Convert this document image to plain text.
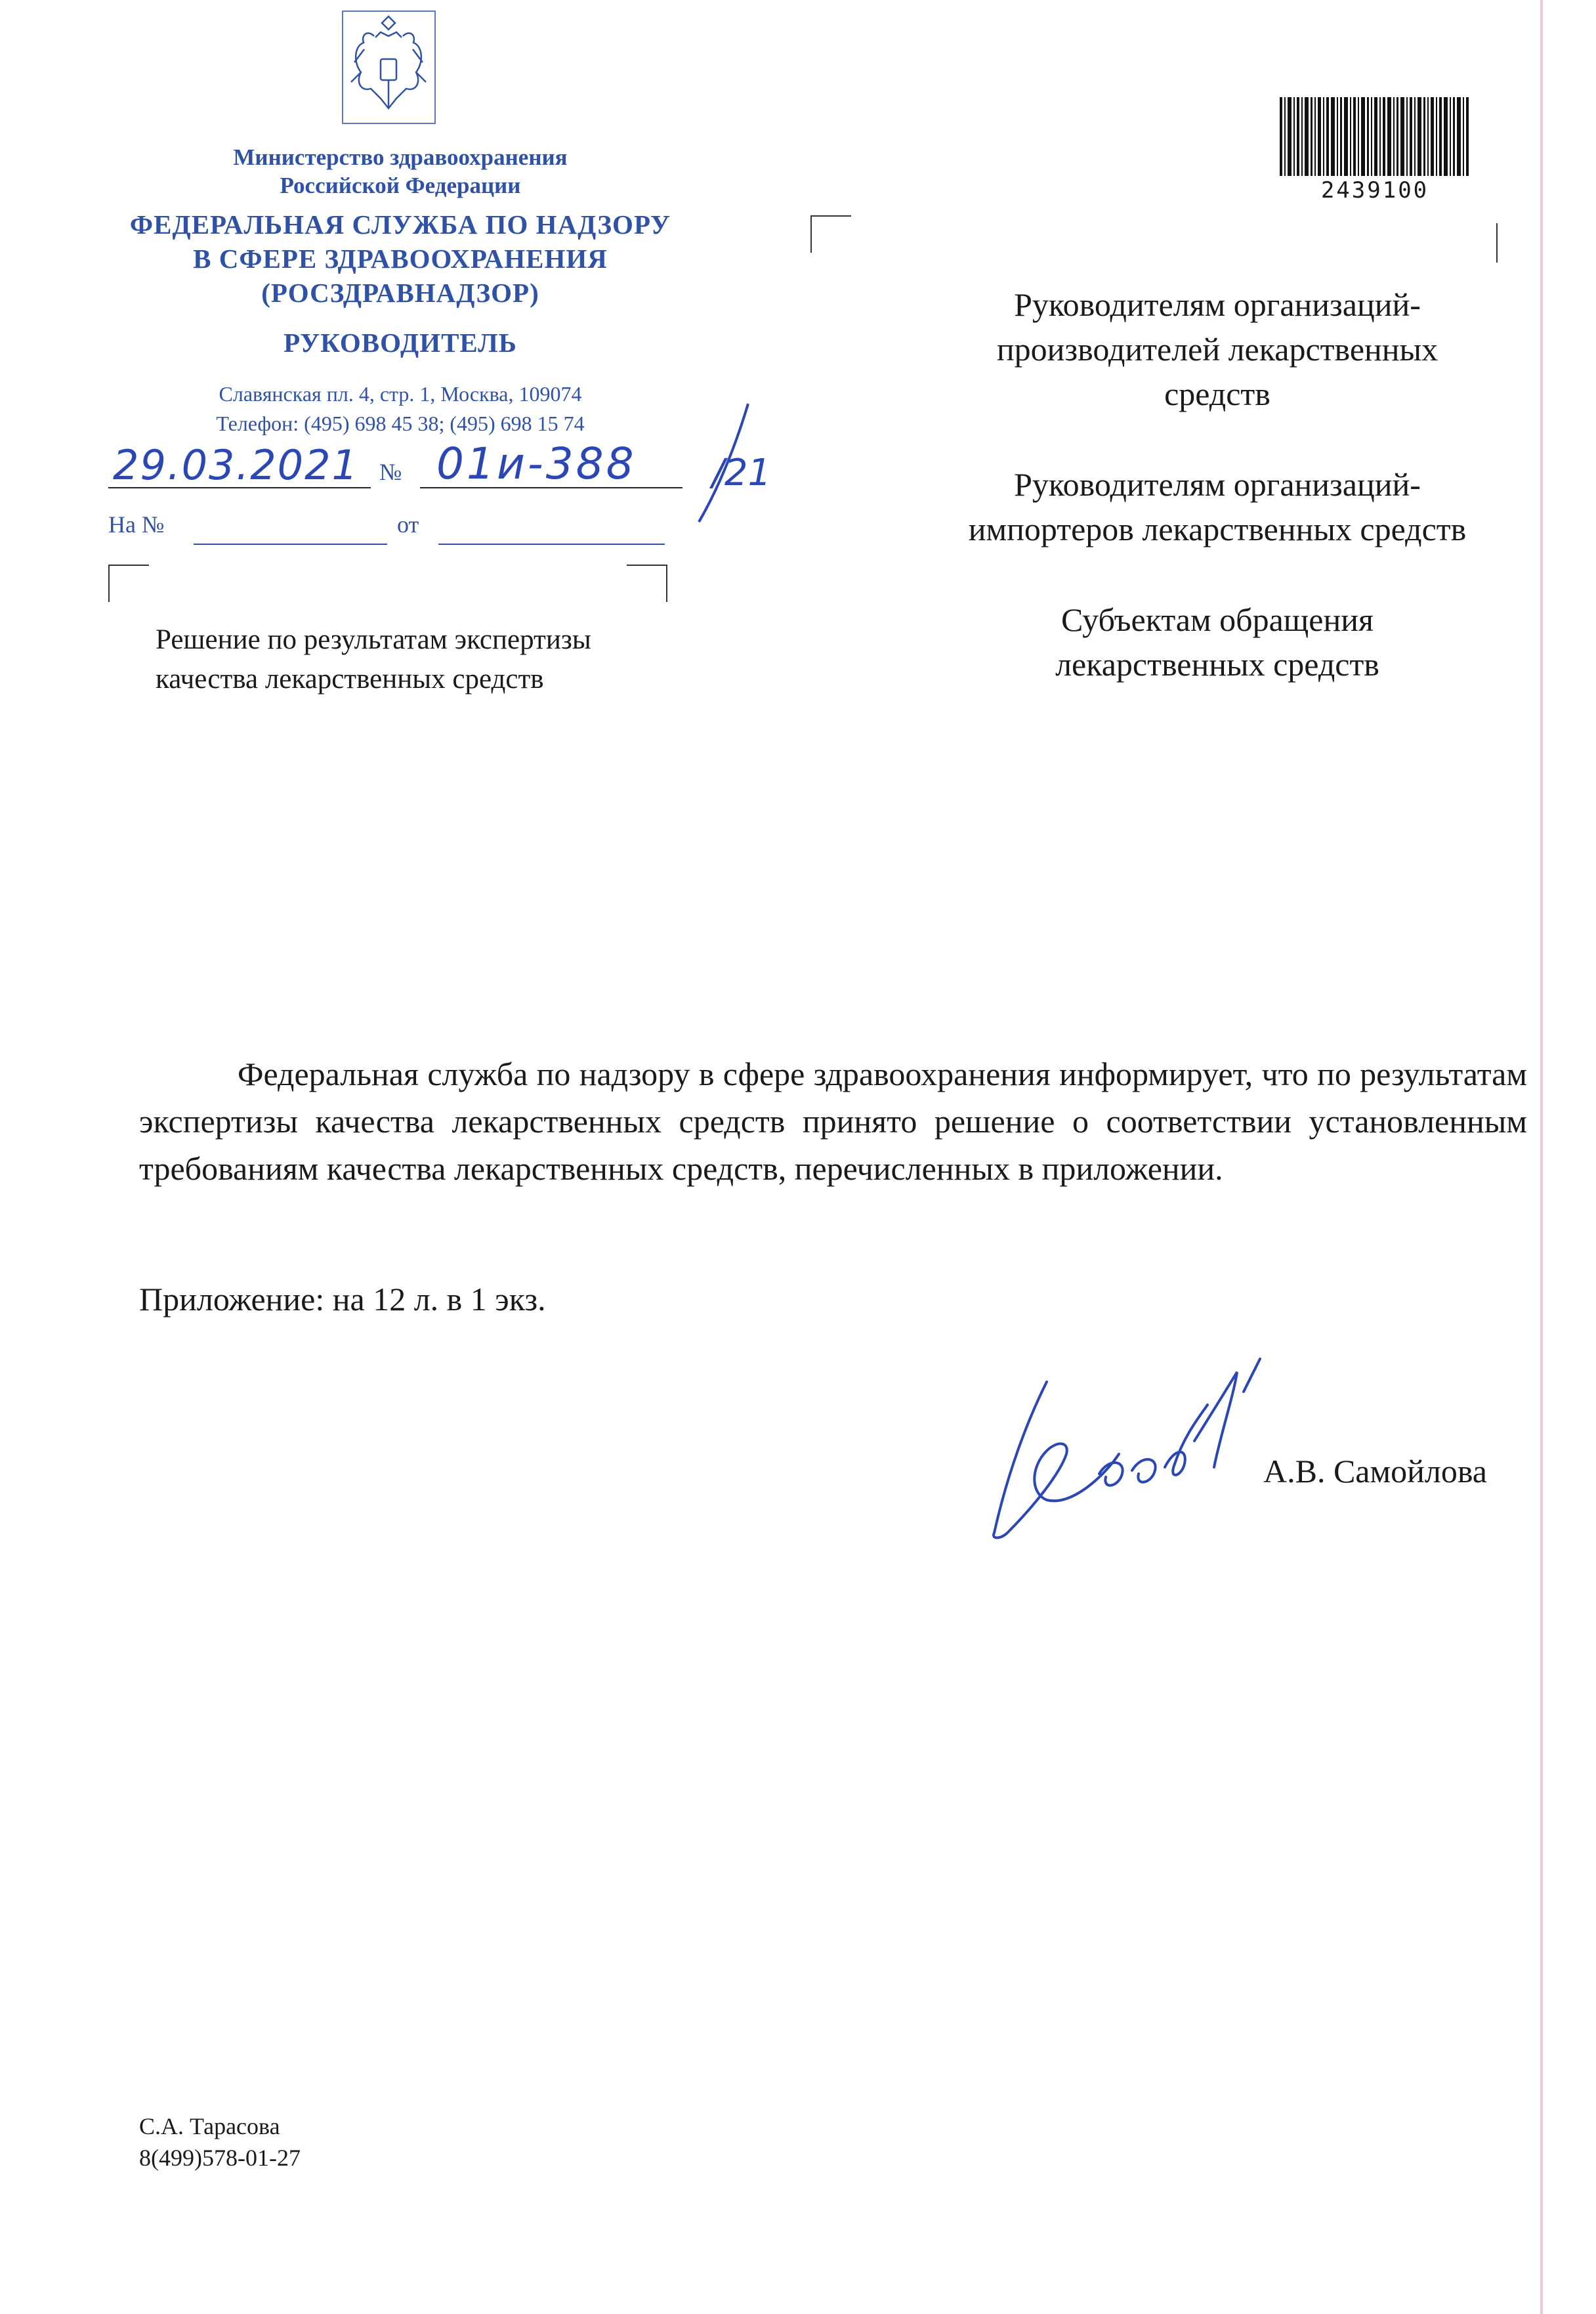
Министерство здравоохранения
Российской Федерации
ФЕДЕРАЛЬНАЯ СЛУЖБА ПО НАДЗОРУ
В СФЕРЕ ЗДРАВООХРАНЕНИЯ
(РОСЗДРАВНАДЗОР)
РУКОВОДИТЕЛЬ
Славянская пл. 4, стр. 1, Москва, 109074
Телефон: (495) 698 45 38; (495) 698 15 74
29.03.2021 № 01и-388 /21
На №	от
Решение по результатам экспертизы
качества лекарственных средств
2439100
Руководителям организаций-
производителей лекарственных
средств
Руководителям организаций-
импортеров лекарственных средств
Субъектам обращения
лекарственных средств
Федеральная служба по надзору в сфере здравоохранения информирует, что по результатам экспертизы качества лекарственных средств принято решение о соответствии установленным требованиям качества лекарственных средств, перечисленных в приложении.
Приложение: на 12 л. в 1 экз.
А.В. Самойлова
С.А. Тарасова
8(499)578-01-27
